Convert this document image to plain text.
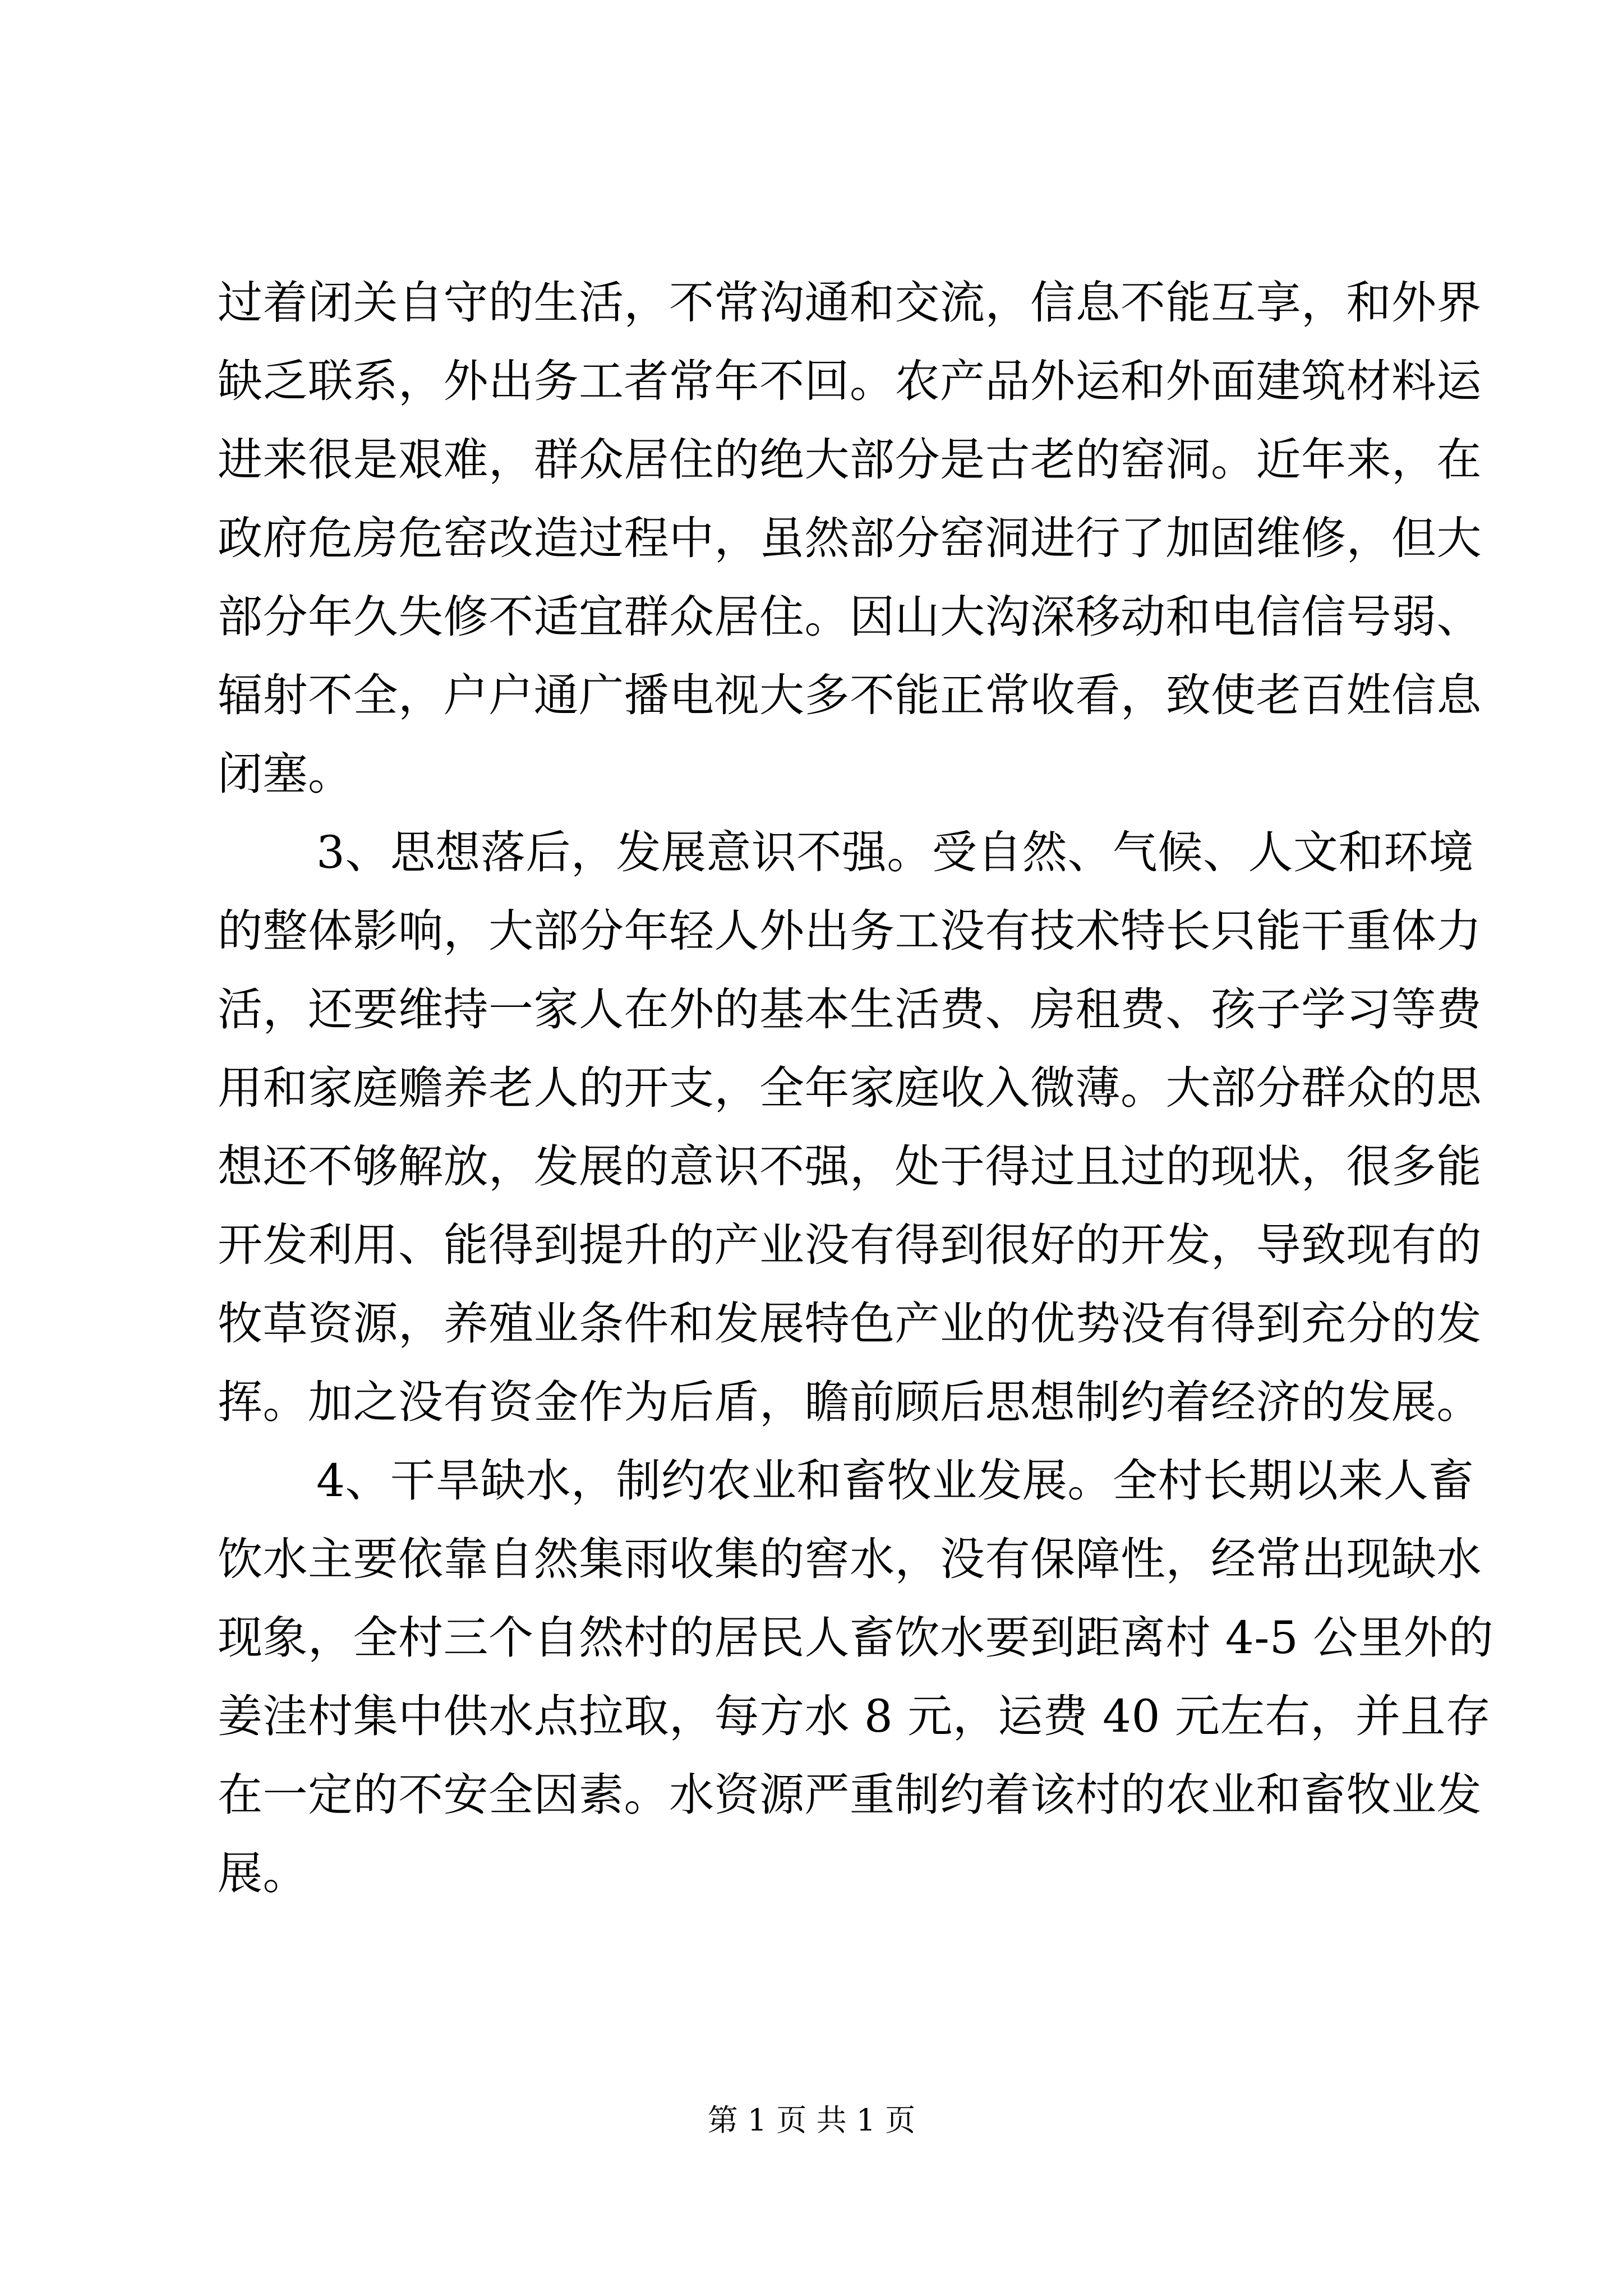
过着闭关自守的生活，不常沟通和交流，信息不能互享，和外界
缺乏联系，外出务工者常年不回。农产品外运和外面建筑材料运
进来很是艰难，群众居住的绝大部分是古老的窑洞。近年来，在
政府危房危窑改造过程中，虽然部分窑洞进行了加固维修，但大
部分年久失修不适宜群众居住。因山大沟深移动和电信信号弱、
辐射不全，户户通广播电视大多不能正常收看，致使老百姓信息
闭塞。
3、思想落后，发展意识不强。受自然、气候、人文和环境
的整体影响，大部分年轻人外出务工没有技术特长只能干重体力
活，还要维持一家人在外的基本生活费、房租费、孩子学习等费
用和家庭赡养老人的开支，全年家庭收入微薄。大部分群众的思
想还不够解放，发展的意识不强，处于得过且过的现状，很多能
开发利用、能得到提升的产业没有得到很好的开发，导致现有的
牧草资源，养殖业条件和发展特色产业的优势没有得到充分的发
挥。加之没有资金作为后盾，瞻前顾后思想制约着经济的发展。
4、干旱缺水，制约农业和畜牧业发展。全村长期以来人畜
饮水主要依靠自然集雨收集的窖水，没有保障性，经常出现缺水
现象，全村三个自然村的居民人畜饮水要到距离村 4-5 公里外的
姜洼村集中供水点拉取，每方水 8 元，运费 40 元左右，并且存
在一定的不安全因素。水资源严重制约着该村的农业和畜牧业发
展。
第 1 页 共 1 页
